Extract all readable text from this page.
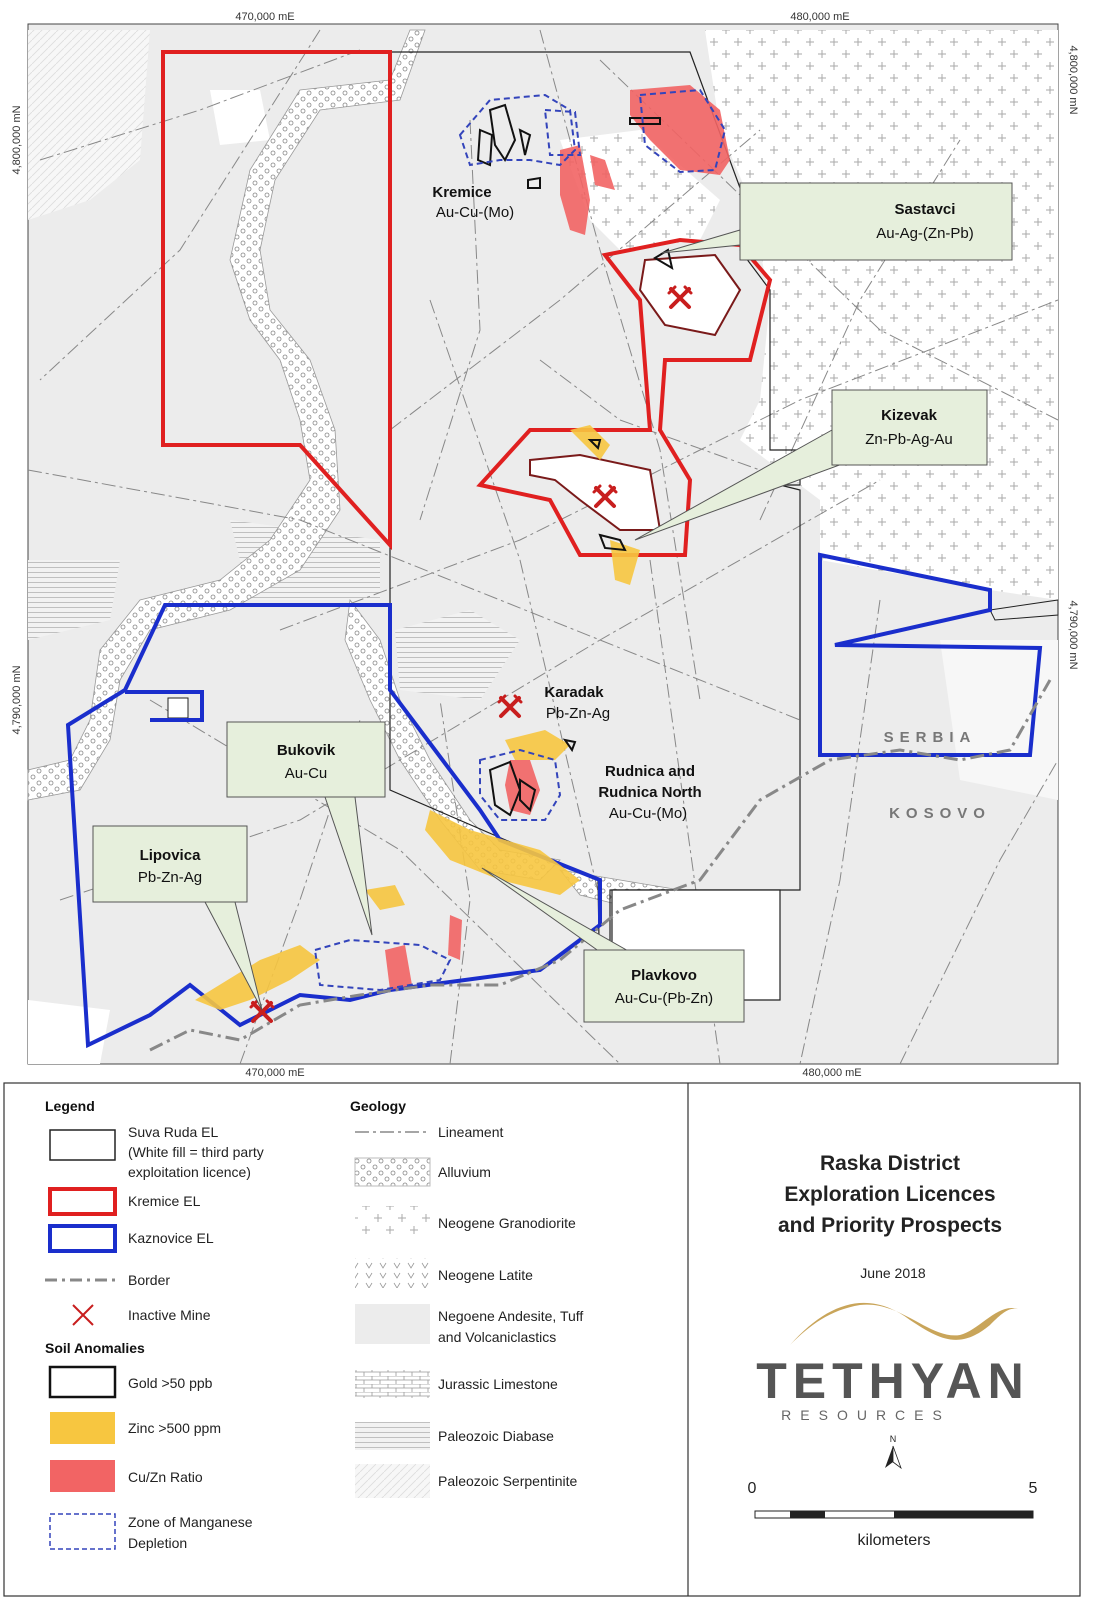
470,000 mE	480,000 mE
470,000 mE	480,000 mE
4,800,000 mN
4,790,000 mN
4,800,000 mN
4,790,000 mN
SERBIA
KOSOVO
Kremice
Au-Cu-(Mo)
Karadak
Pb-Zn-Ag
Rudnica and
Rudnica North
Au-Cu-(Mo)
Sastavci
Au-Ag-(Zn-Pb)
Kizevak
Zn-Pb-Ag-Au
Bukovik
Au-Cu
Lipovica
Pb-Zn-Ag
Plavkovo
Au-Cu-(Pb-Zn)
Legend
Suva Ruda EL
(White fill = third party
exploitation licence)
Kremice EL
Kaznovice EL
Border
Inactive Mine
Soil Anomalies
Gold >50 ppb
Zinc >500 ppm
Cu/Zn Ratio
Zone of Manganese
Depletion
Geology
Lineament
Alluvium
Neogene Granodiorite
Neogene Latite
Negoene Andesite, Tuff
and Volcaniclastics
Jurassic Limestone
Paleozoic Diabase
Paleozoic Serpentinite
Raska District
Exploration Licences
and Priority Prospects
June 2018
TETHYAN
RESOURCES
N
0	5
kilometers
